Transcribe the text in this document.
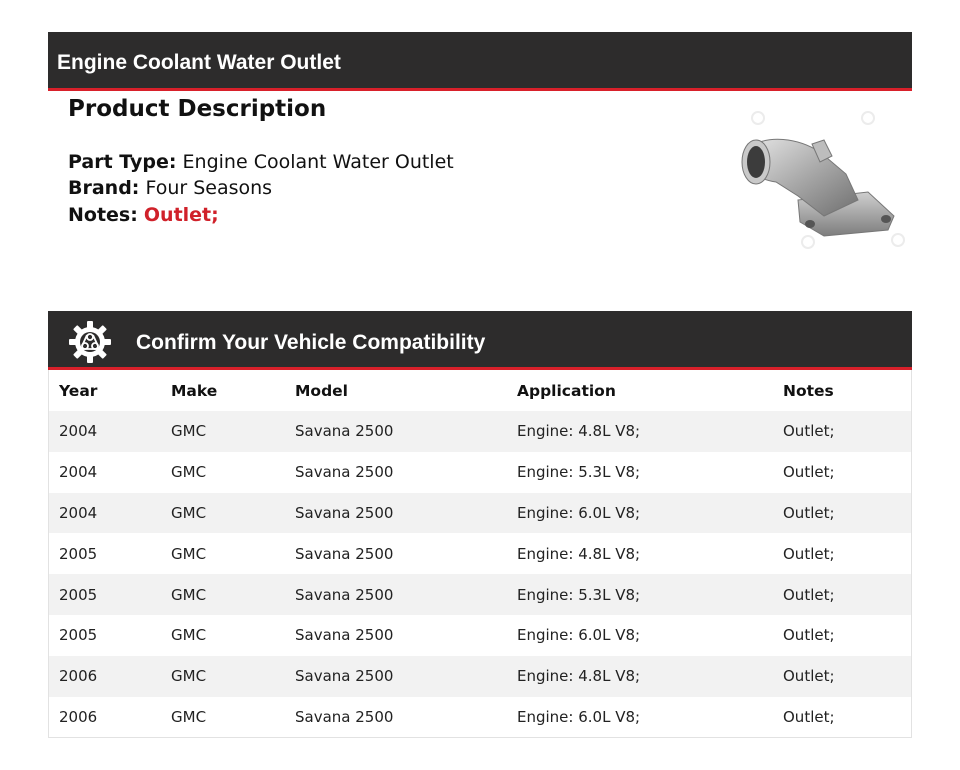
Engine Coolant Water Outlet
Product Description
Part Type: Engine Coolant Water Outlet
Brand: Four Seasons
Notes: Outlet;
Confirm Your Vehicle Compatibility
Year	Make	Model	Application	Notes
2004	GMC	Savana 2500	Engine: 4.8L V8;	Outlet;
2004	GMC	Savana 2500	Engine: 5.3L V8;	Outlet;
2004	GMC	Savana 2500	Engine: 6.0L V8;	Outlet;
2005	GMC	Savana 2500	Engine: 4.8L V8;	Outlet;
2005	GMC	Savana 2500	Engine: 5.3L V8;	Outlet;
2005	GMC	Savana 2500	Engine: 6.0L V8;	Outlet;
2006	GMC	Savana 2500	Engine: 4.8L V8;	Outlet;
2006	GMC	Savana 2500	Engine: 6.0L V8;	Outlet;
